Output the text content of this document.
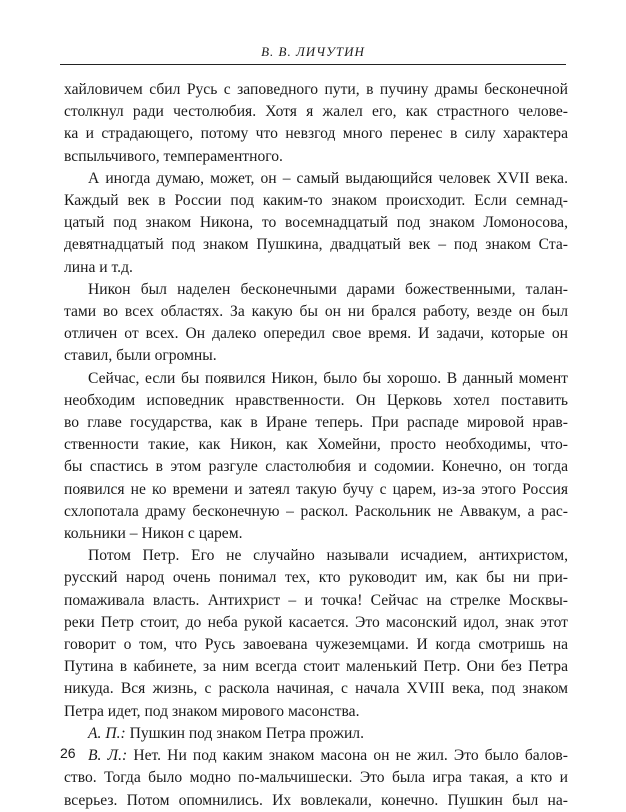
В. В. ЛИЧУТИН
хайловичем сбил Русь с заповедного пути, в пучину драмы бесконечной
столкнул ради честолюбия. Хотя я жалел его, как страстного челове-
ка и страдающего, потому что невзгод много перенес в силу характера
вспыльчивого, темпераментного.
А иногда думаю, может, он – самый выдающийся человек XVII века.
Каждый век в России под каким-то знаком происходит. Если семнад-
цатый под знаком Никона, то восемнадцатый под знаком Ломоносова,
девятнадцатый под знаком Пушкина, двадцатый век – под знаком Ста-
лина и т.д.
Никон был наделен бесконечными дарами божественными, талан-
тами во всех областях. За какую бы он ни брался работу, везде он был
отличен от всех. Он далеко опередил свое время. И задачи, которые он
ставил, были огромны.
Сейчас, если бы появился Никон, было бы хорошо. В данный момент
необходим исповедник нравственности. Он Церковь хотел поставить
во главе государства, как в Иране теперь. При распаде мировой нрав-
ственности такие, как Никон, как Хомейни, просто необходимы, что-
бы спастись в этом разгуле сластолюбия и содомии. Конечно, он тогда
появился не ко времени и затеял такую бучу с царем, из-за этого Россия
схлопотала драму бесконечную – раскол. Раскольник не Аввакум, а рас-
кольники – Никон с царем.
Потом Петр. Его не случайно называли исчадием, антихристом,
русский народ очень понимал тех, кто руководит им, как бы ни при-
помаживала власть. Антихрист – и точка! Сейчас на стрелке Москвы-
реки Петр стоит, до неба рукой касается. Это масонский идол, знак этот
говорит о том, что Русь завоевана чужеземцами. И когда смотришь на
Путина в кабинете, за ним всегда стоит маленький Петр. Они без Петра
никуда. Вся жизнь, с раскола начиная, с начала XVIII века, под знаком
Петра идет, под знаком мирового масонства.
А. П.: Пушкин под знаком Петра прожил.
В. Л.: Нет. Ни под каким знаком масона он не жил. Это было балов-
ство. Тогда было модно по-мальчишески. Это была игра такая, а кто и
всерьез. Потом опомнились. Их вовлекали, конечно. Пушкин был на-
26
